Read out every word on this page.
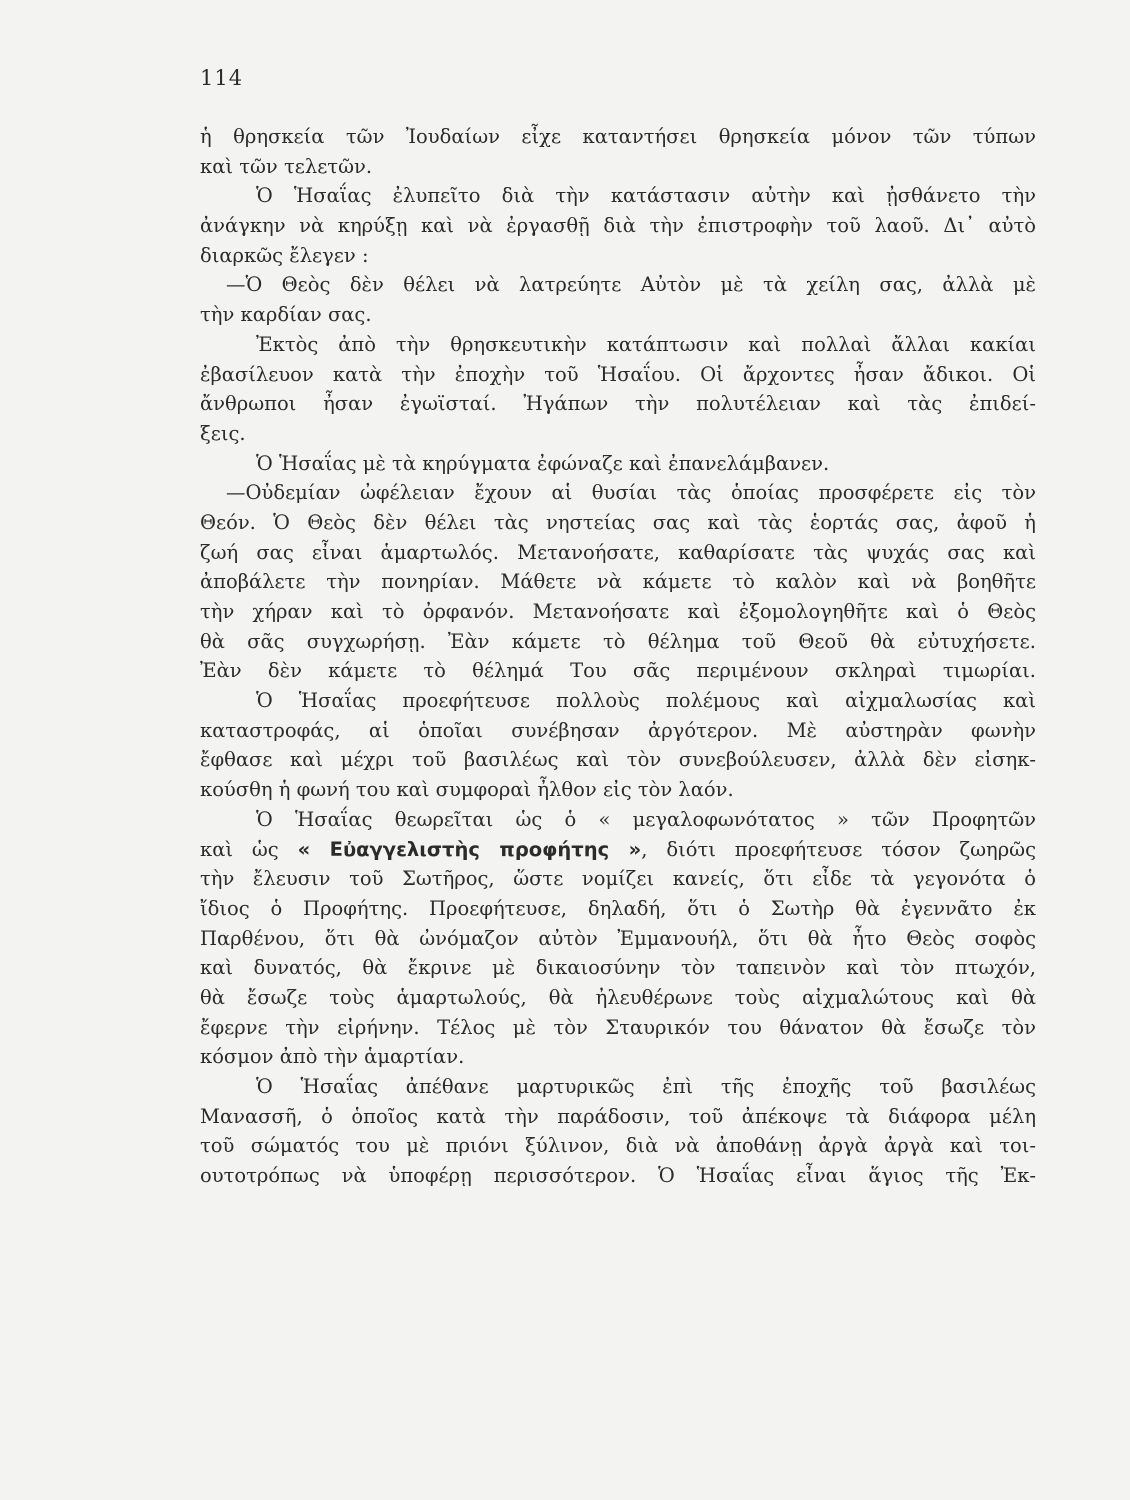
114
ἡ θρησκεία τῶν Ἰουδαίων εἶχε καταντήσει θρησκεία μόνον τῶν τύπων
καὶ τῶν τελετῶν.
Ὁ Ἡσαΐας ἐλυπεῖτο διὰ τὴν κατάστασιν αὐτὴν καὶ ᾐσθάνετο τὴν
ἀνάγκην νὰ κηρύξῃ καὶ νὰ ἐργασθῇ διὰ τὴν ἐπιστροφὴν τοῦ λαοῦ. Δι᾽ αὐτὸ
διαρκῶς ἔλεγεν :
—Ὁ Θεὸς δὲν θέλει νὰ λατρεύητε Αὐτὸν μὲ τὰ χείλη σας, ἀλλὰ μὲ
τὴν καρδίαν σας.
Ἐκτὸς ἀπὸ τὴν θρησκευτικὴν κατάπτωσιν καὶ πολλαὶ ἄλλαι κακίαι
ἐβασίλευον κατὰ τὴν ἐποχὴν τοῦ Ἡσαΐου. Οἱ ἄρχοντες ἦσαν ἄδικοι. Οἱ
ἄνθρωποι ἦσαν ἐγωϊσταί. Ἠγάπων τὴν πολυτέλειαν καὶ τὰς ἐπιδεί-
ξεις.
Ὁ Ἡσαΐας μὲ τὰ κηρύγματα ἐφώναζε καὶ ἐπανελάμβανεν.
—Οὐδεμίαν ὠφέλειαν ἔχουν αἱ θυσίαι τὰς ὁποίας προσφέρετε εἰς τὸν
Θεόν. Ὁ Θεὸς δὲν θέλει τὰς νηστείας σας καὶ τὰς ἑορτάς σας, ἀφοῦ ἡ
ζωή σας εἶναι ἁμαρτωλός. Μετανοήσατε, καθαρίσατε τὰς ψυχάς σας καὶ
ἀποβάλετε τὴν πονηρίαν. Μάθετε νὰ κάμετε τὸ καλὸν καὶ νὰ βοηθῆτε
τὴν χήραν καὶ τὸ ὀρφανόν. Μετανοήσατε καὶ ἐξομολογηθῆτε καὶ ὁ Θεὸς
θὰ σᾶς συγχωρήσῃ. Ἐὰν κάμετε τὸ θέλημα τοῦ Θεοῦ θὰ εὐτυχήσετε.
Ἐὰν δὲν κάμετε τὸ θέλημά Του σᾶς περιμένουν σκληραὶ τιμωρίαι.
Ὁ Ἡσαΐας προεφήτευσε πολλοὺς πολέμους καὶ αἰχμαλωσίας καὶ
καταστροφάς, αἱ ὁποῖαι συνέβησαν ἀργότερον. Μὲ αὐστηρὰν φωνὴν
ἔφθασε καὶ μέχρι τοῦ βασιλέως καὶ τὸν συνεβούλευσεν, ἀλλὰ δὲν εἰσηκ-
κούσθη ἡ φωνή του καὶ συμφοραὶ ἦλθον εἰς τὸν λαόν.
Ὁ Ἡσαΐας θεωρεῖται ὡς ὁ « μεγαλοφωνότατος » τῶν Προφητῶν
καὶ ὡς « Εὐαγγελιστὴς προφήτης », διότι προεφήτευσε τόσον ζωηρῶς
τὴν ἔλευσιν τοῦ Σωτῆρος, ὥστε νομίζει κανείς, ὅτι εἶδε τὰ γεγονότα ὁ
ἴδιος ὁ Προφήτης. Προεφήτευσε, δηλαδή, ὅτι ὁ Σωτὴρ θὰ ἐγεννᾶτο ἐκ
Παρθένου, ὅτι θὰ ὠνόμαζον αὐτὸν Ἐμμανουήλ, ὅτι θὰ ἦτο Θεὸς σοφὸς
καὶ δυνατός, θὰ ἔκρινε μὲ δικαιοσύνην τὸν ταπεινὸν καὶ τὸν πτωχόν,
θὰ ἔσωζε τοὺς ἁμαρτωλούς, θὰ ἠλευθέρωνε τοὺς αἰχμαλώτους καὶ θὰ
ἔφερνε τὴν εἰρήνην. Τέλος μὲ τὸν Σταυρικόν του θάνατον θὰ ἔσωζε τὸν
κόσμον ἀπὸ τὴν ἁμαρτίαν.
Ὁ Ἡσαΐας ἀπέθανε μαρτυρικῶς ἐπὶ τῆς ἐποχῆς τοῦ βασιλέως
Μανασσῆ, ὁ ὁποῖος κατὰ τὴν παράδοσιν, τοῦ ἀπέκοψε τὰ διάφορα μέλη
τοῦ σώματός του μὲ πριόνι ξύλινον, διὰ νὰ ἀποθάνῃ ἀργὰ ἀργὰ καὶ τοι-
ουτοτρόπως νὰ ὑποφέρῃ περισσότερον. Ὁ Ἡσαΐας εἶναι ἅγιος τῆς Ἐκ-
